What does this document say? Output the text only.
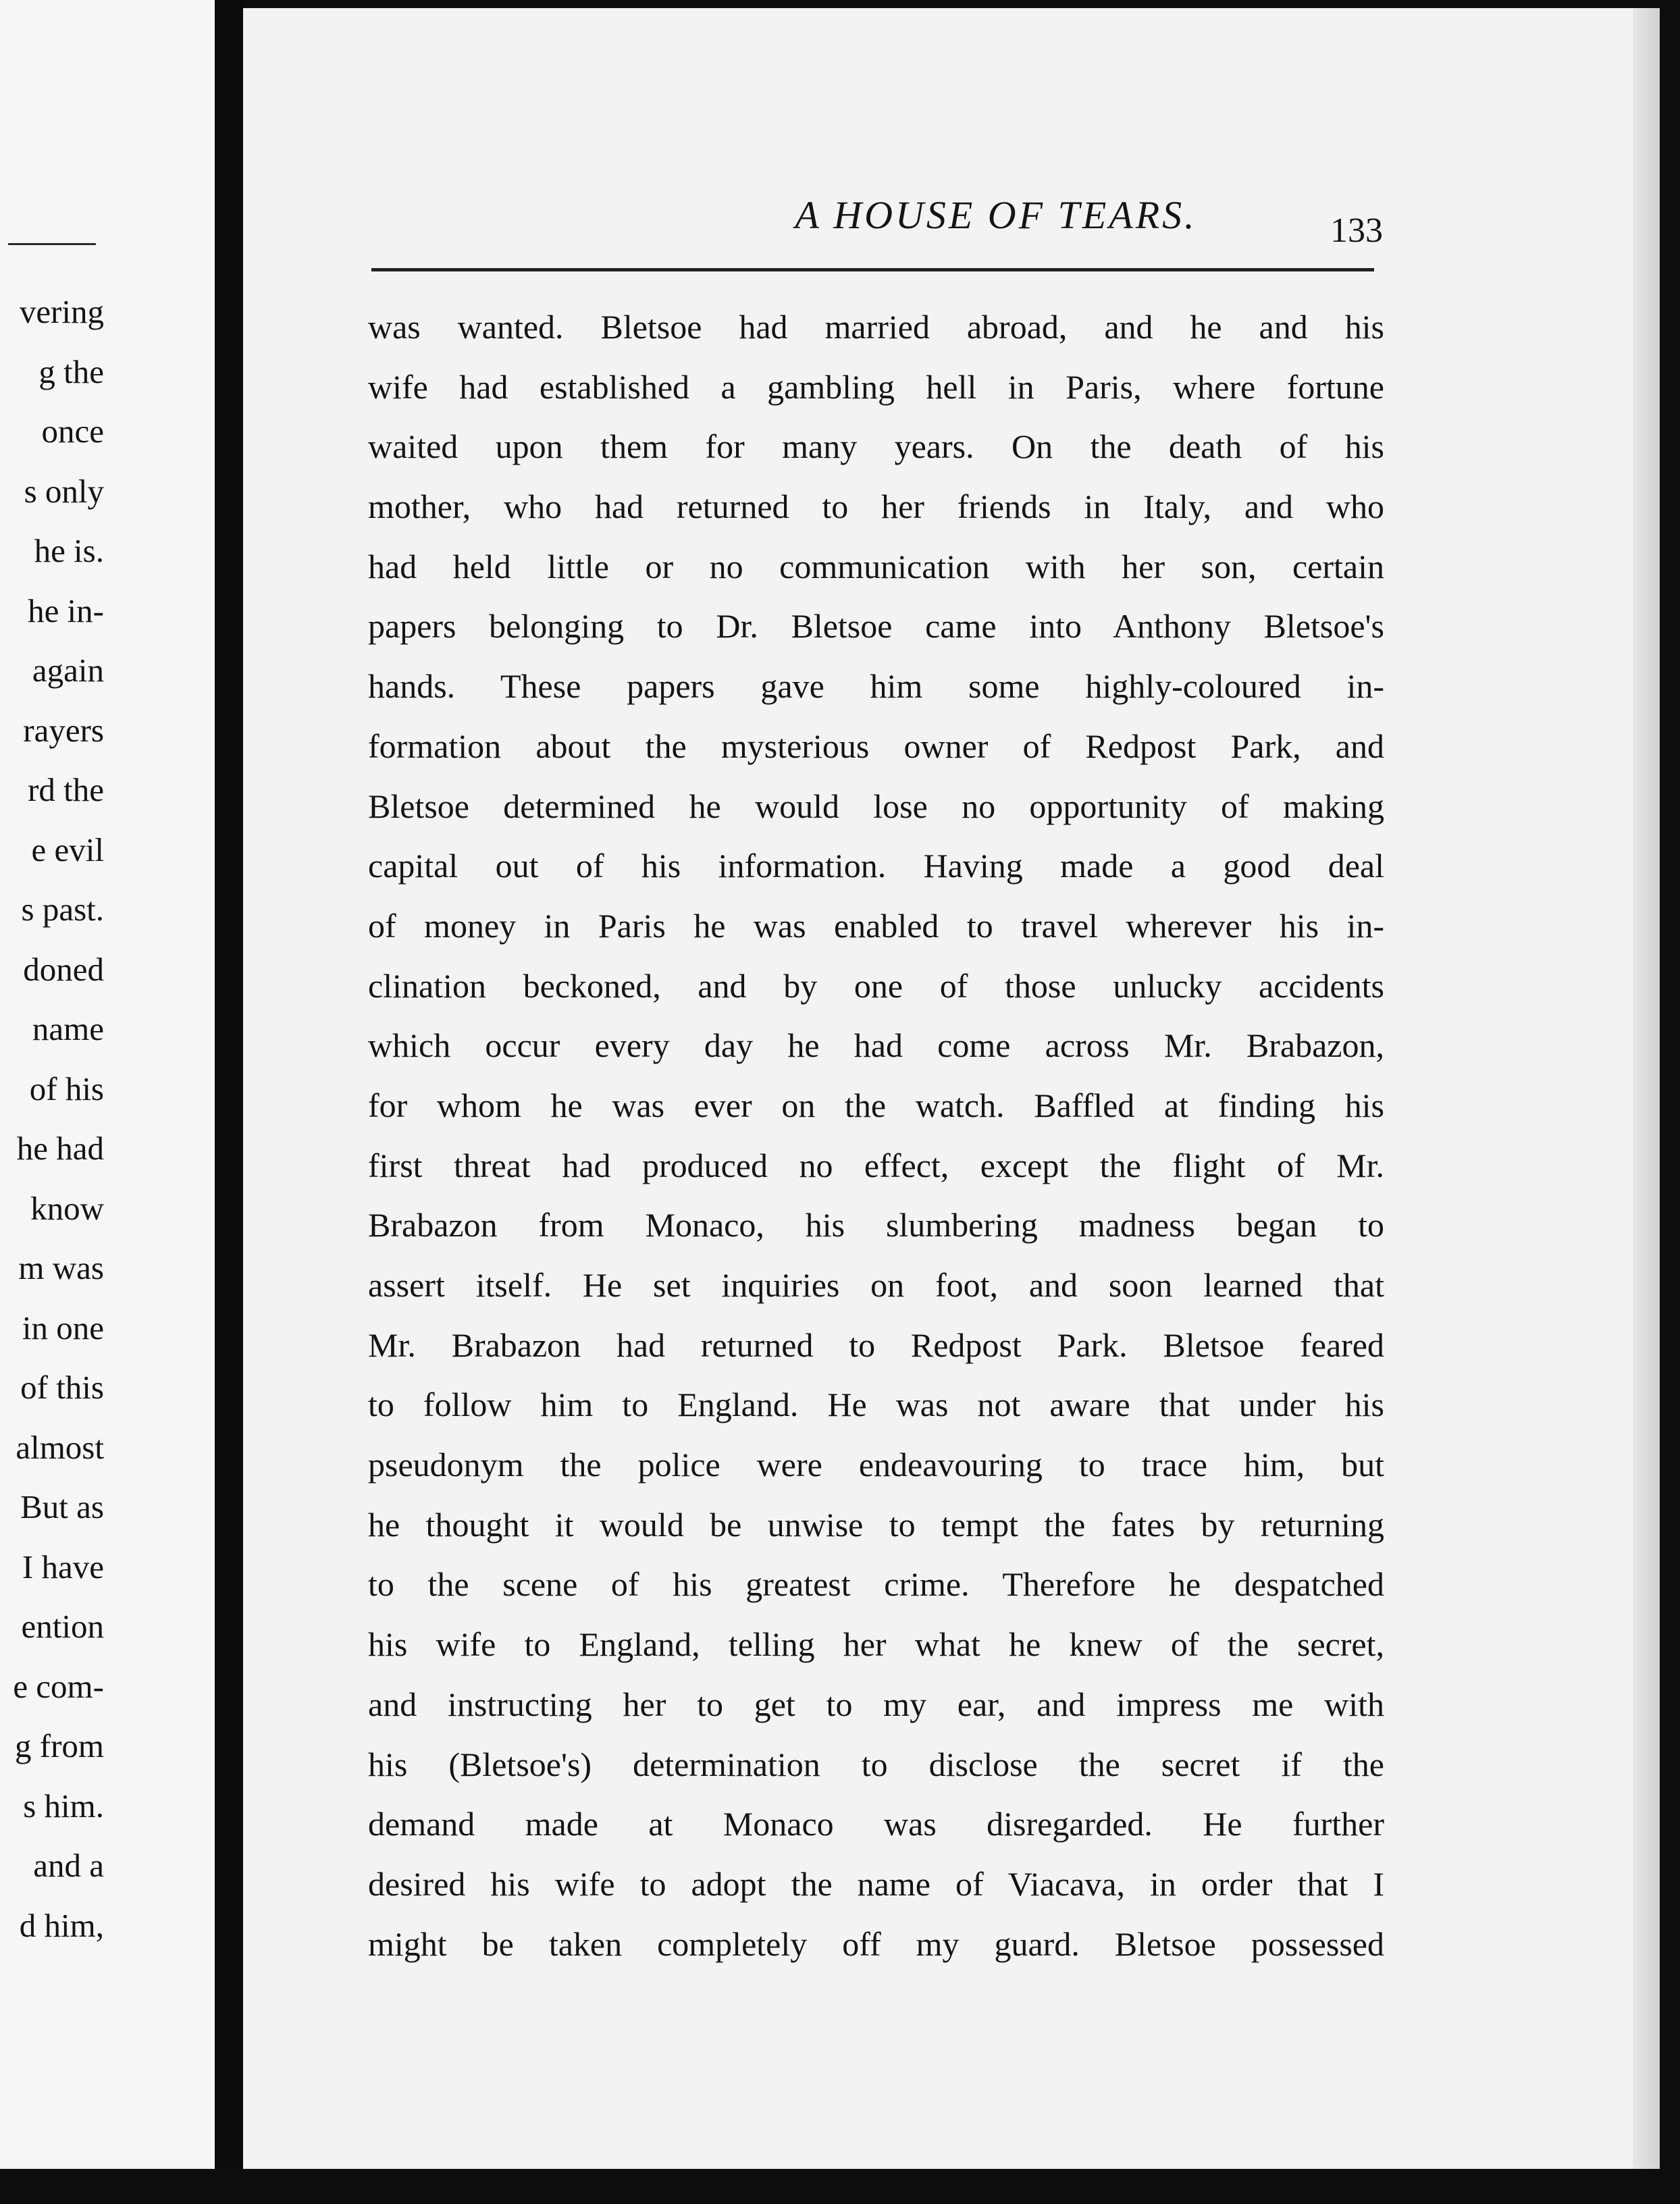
vering
g the
once
s only
he is.
he in-
again
rayers
rd the
e evil
s past.
doned
name
of his
he had
know
m was
in one
of this
almost
But as
I have
ention
e com-
g from
s him.
and a
d him,
A HOUSE OF TEARS.	133
was wanted. Bletsoe had married abroad, and he and his
wife had established a gambling hell in Paris, where fortune
waited upon them for many years. On the death of his
mother, who had returned to her friends in Italy, and who
had held little or no communication with her son, certain
papers belonging to Dr. Bletsoe came into Anthony Bletsoe's
hands. These papers gave him some highly-coloured in-
formation about the mysterious owner of Redpost Park, and
Bletsoe determined he would lose no opportunity of making
capital out of his information. Having made a good deal
of money in Paris he was enabled to travel wherever his in-
clination beckoned, and by one of those unlucky accidents
which occur every day he had come across Mr. Brabazon,
for whom he was ever on the watch. Baffled at finding his
first threat had produced no effect, except the flight of Mr.
Brabazon from Monaco, his slumbering madness began to
assert itself. He set inquiries on foot, and soon learned that
Mr. Brabazon had returned to Redpost Park. Bletsoe feared
to follow him to England. He was not aware that under his
pseudonym the police were endeavouring to trace him, but
he thought it would be unwise to tempt the fates by returning
to the scene of his greatest crime. Therefore he despatched
his wife to England, telling her what he knew of the secret,
and instructing her to get to my ear, and impress me with
his (Bletsoe's) determination to disclose the secret if the
demand made at Monaco was disregarded. He further
desired his wife to adopt the name of Viacava, in order that I
might be taken completely off my guard. Bletsoe possessed
